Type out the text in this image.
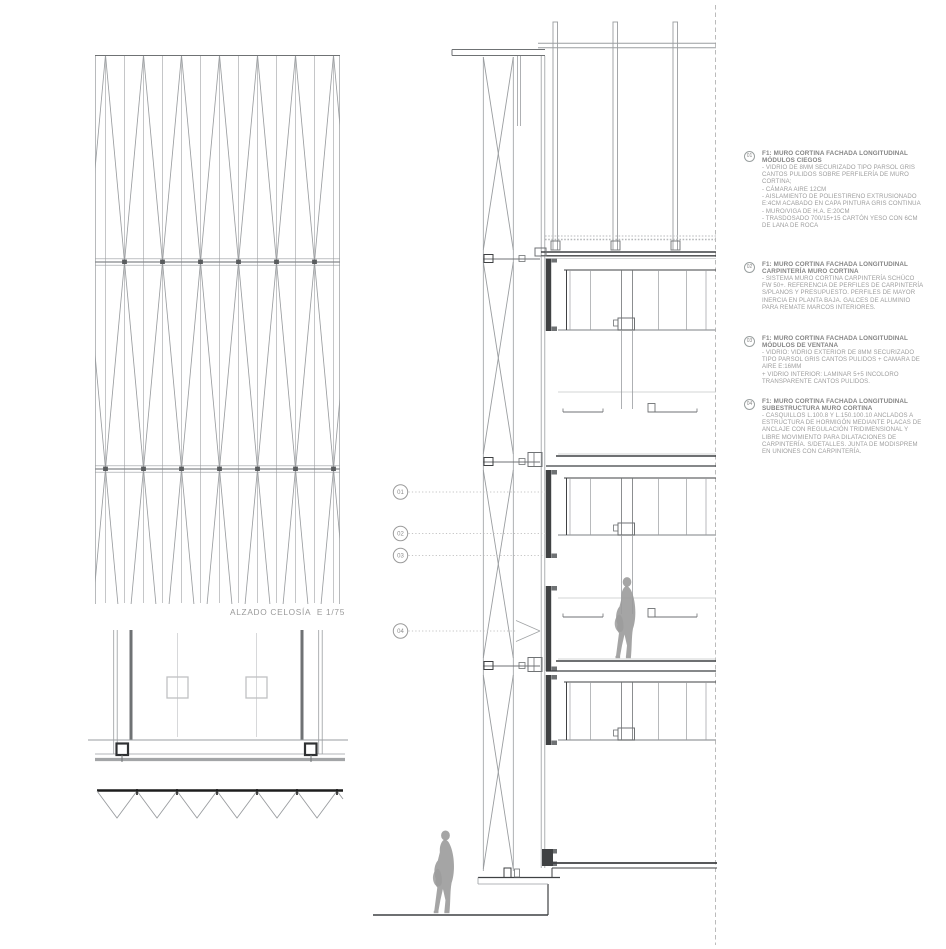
01
02
03
04
ALZADO CELOSÍA  E 1/75
01	F1: MURO CORTINA FACHADA LONGITUDINAL MÓDULOS CIEGOS
- VIDRIO DE 8MM SECURIZADO TIPO PARSOL GRIS CANTOS PULIDOS SOBRE PERFILERÍA DE MURO CORTINA;
- CÁMARA AIRE 12CM
- AISLAMIENTO DE POLIESTIRENO EXTRUSIONADO E:4CM ACABADO EN CAPA PINTURA GRIS CONTINUA
- MURO/VIGA DE H.A. E:20CM
- TRASDOSADO 700/15+15 CARTÓN YESO CON 6CM DE LANA DE ROCA
02	F1: MURO CORTINA FACHADA LONGITUDINAL CARPINTERÍA MURO CORTINA
- SISTEMA MURO CORTINA CARPINTERÍA SCHÜCO FW 50+. REFERENCIA DE PERFILES DE CARPINTERÍA S/PLANOS Y PRESUPUESTO. PERFILES DE MAYOR INERCIA EN PLANTA BAJA. GALCES DE ALUMINIO PARA REMATE MARCOS INTERIORES.
03	F1: MURO CORTINA FACHADA LONGITUDINAL MÓDULOS DE VENTANA
- VIDRIO: VIDRIO EXTERIOR DE 8MM SECURIZADO TIPO PARSOL GRIS CANTOS PULIDOS + CAMARA DE AIRE E:16MM
+ VIDRIO INTERIOR: LAMINAR 5+5 INCOLORO TRANSPARENTE CANTOS PULIDOS.
04	F1: MURO CORTINA FACHADA LONGITUDINAL SUBESTRUCTURA MURO CORTINA
- CASQUILLOS L.100.8 Y L.150.100.10 ANCLADOS A ESTRUCTURA DE HORMIGÓN MEDIANTE PLACAS DE ANCLAJE CON REGULACIÓN TRIDIMENSIONAL Y LIBRE MOVIMIENTO PARA DILATACIONES DE CARPINTERÍA. S/DETALLES. JUNTA DE MODISPREM EN UNIONES CON CARPINTERÍA.
